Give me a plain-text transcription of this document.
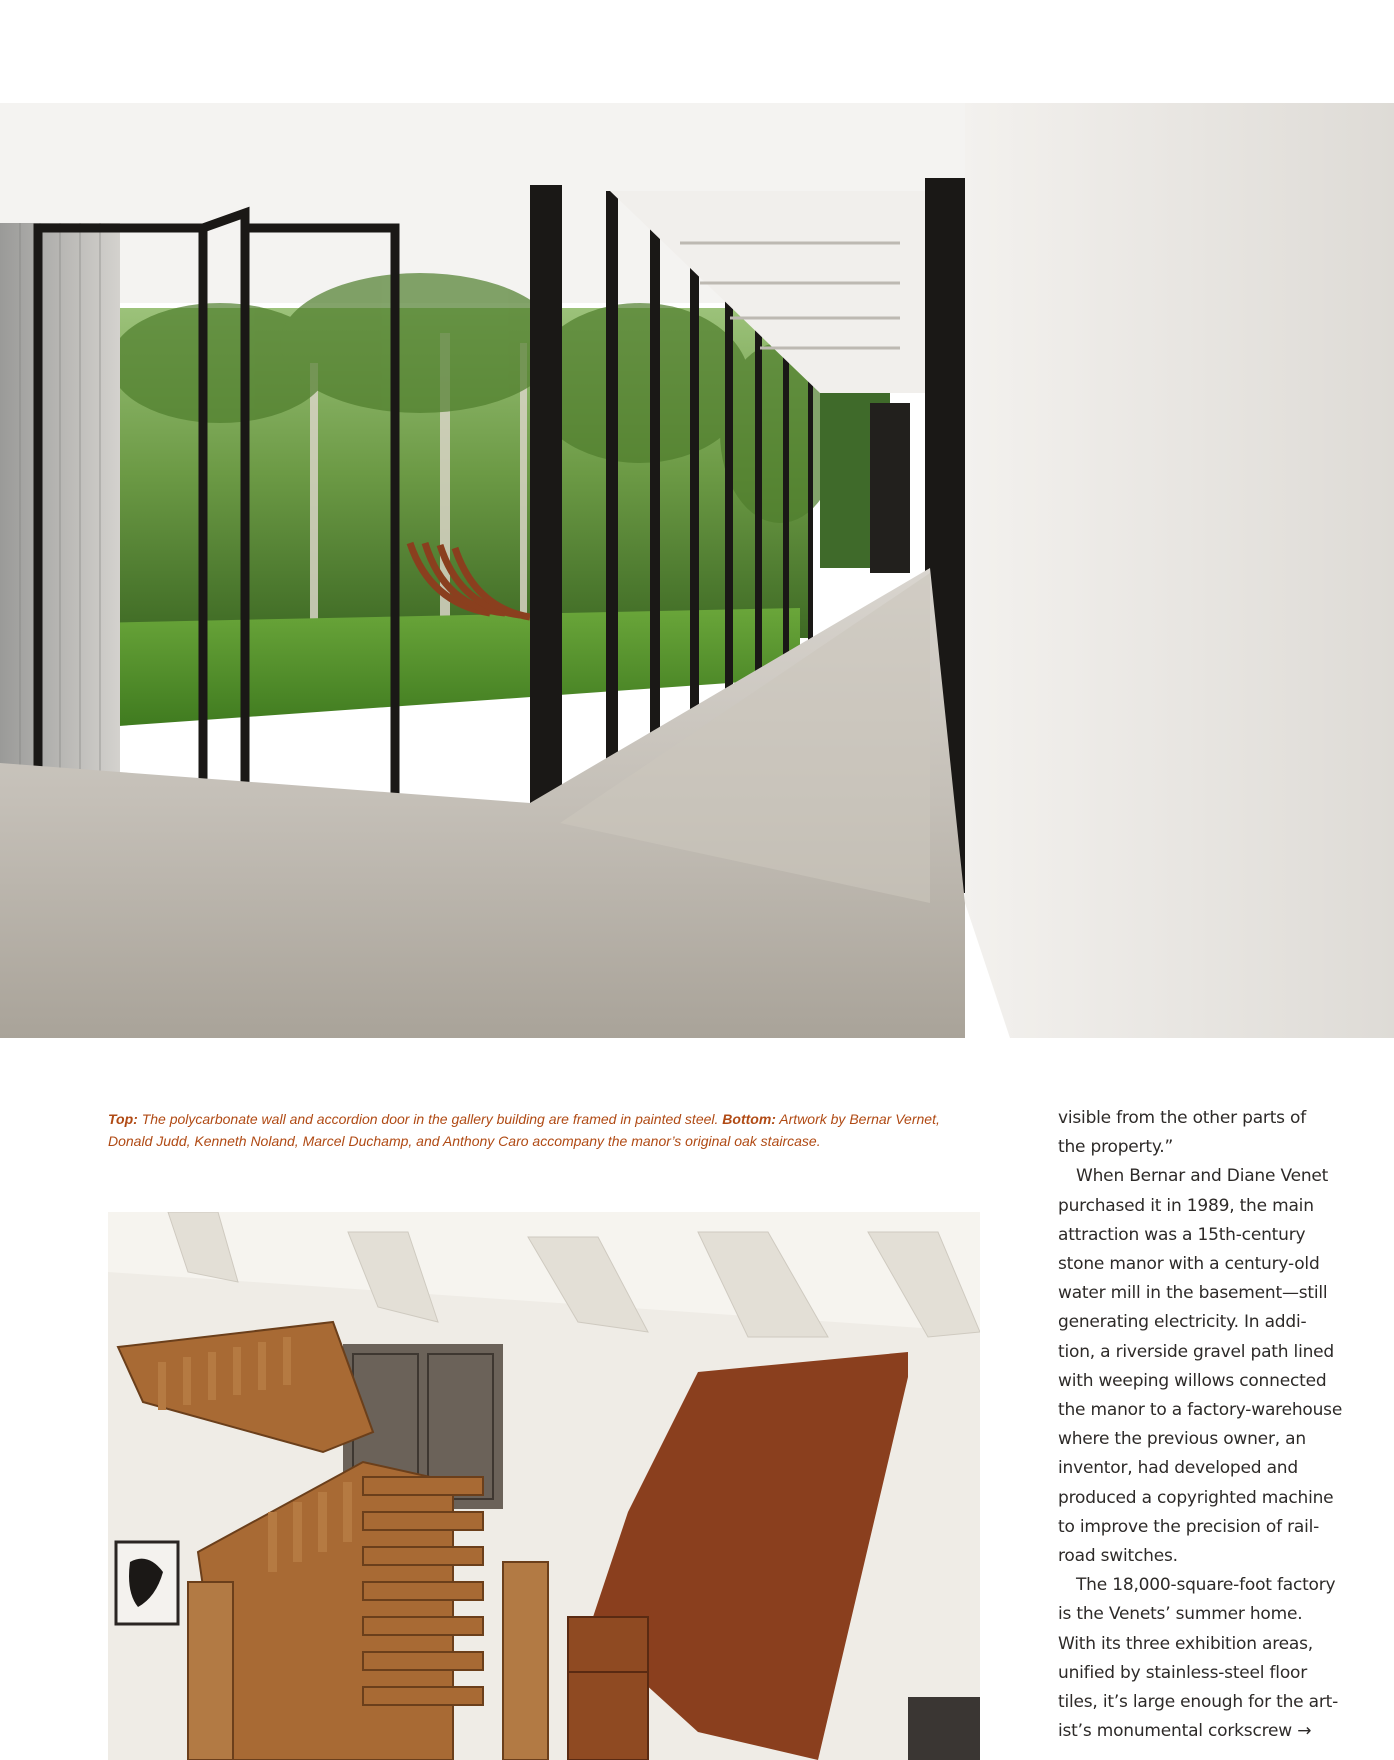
Top: The polycarbonate wall and accordion door in the gallery building are framed in painted steel. Bottom: Artwork by Bernar Vernet, Donald Judd, Kenneth Noland, Marcel Duchamp, and Anthony Caro accompany the manor’s original oak staircase.

visible from the other parts of
the property.”
When Bernar and Diane Venet
purchased it in 1989, the main
attraction was a 15th-century
stone manor with a century-old
water mill in the basement—still
generating electricity. In addi-
tion, a riverside gravel path lined
with weeping willows connected
the manor to a factory-warehouse
where the previous owner, an
inventor, had developed and
produced a copyrighted machine
to improve the precision of rail-
road switches.
The 18,000-square-foot factory
is the Venets’ summer home.
With its three exhibition areas,
unified by stainless-steel floor
tiles, it’s large enough for the art-
ist’s monumental corkscrew →
